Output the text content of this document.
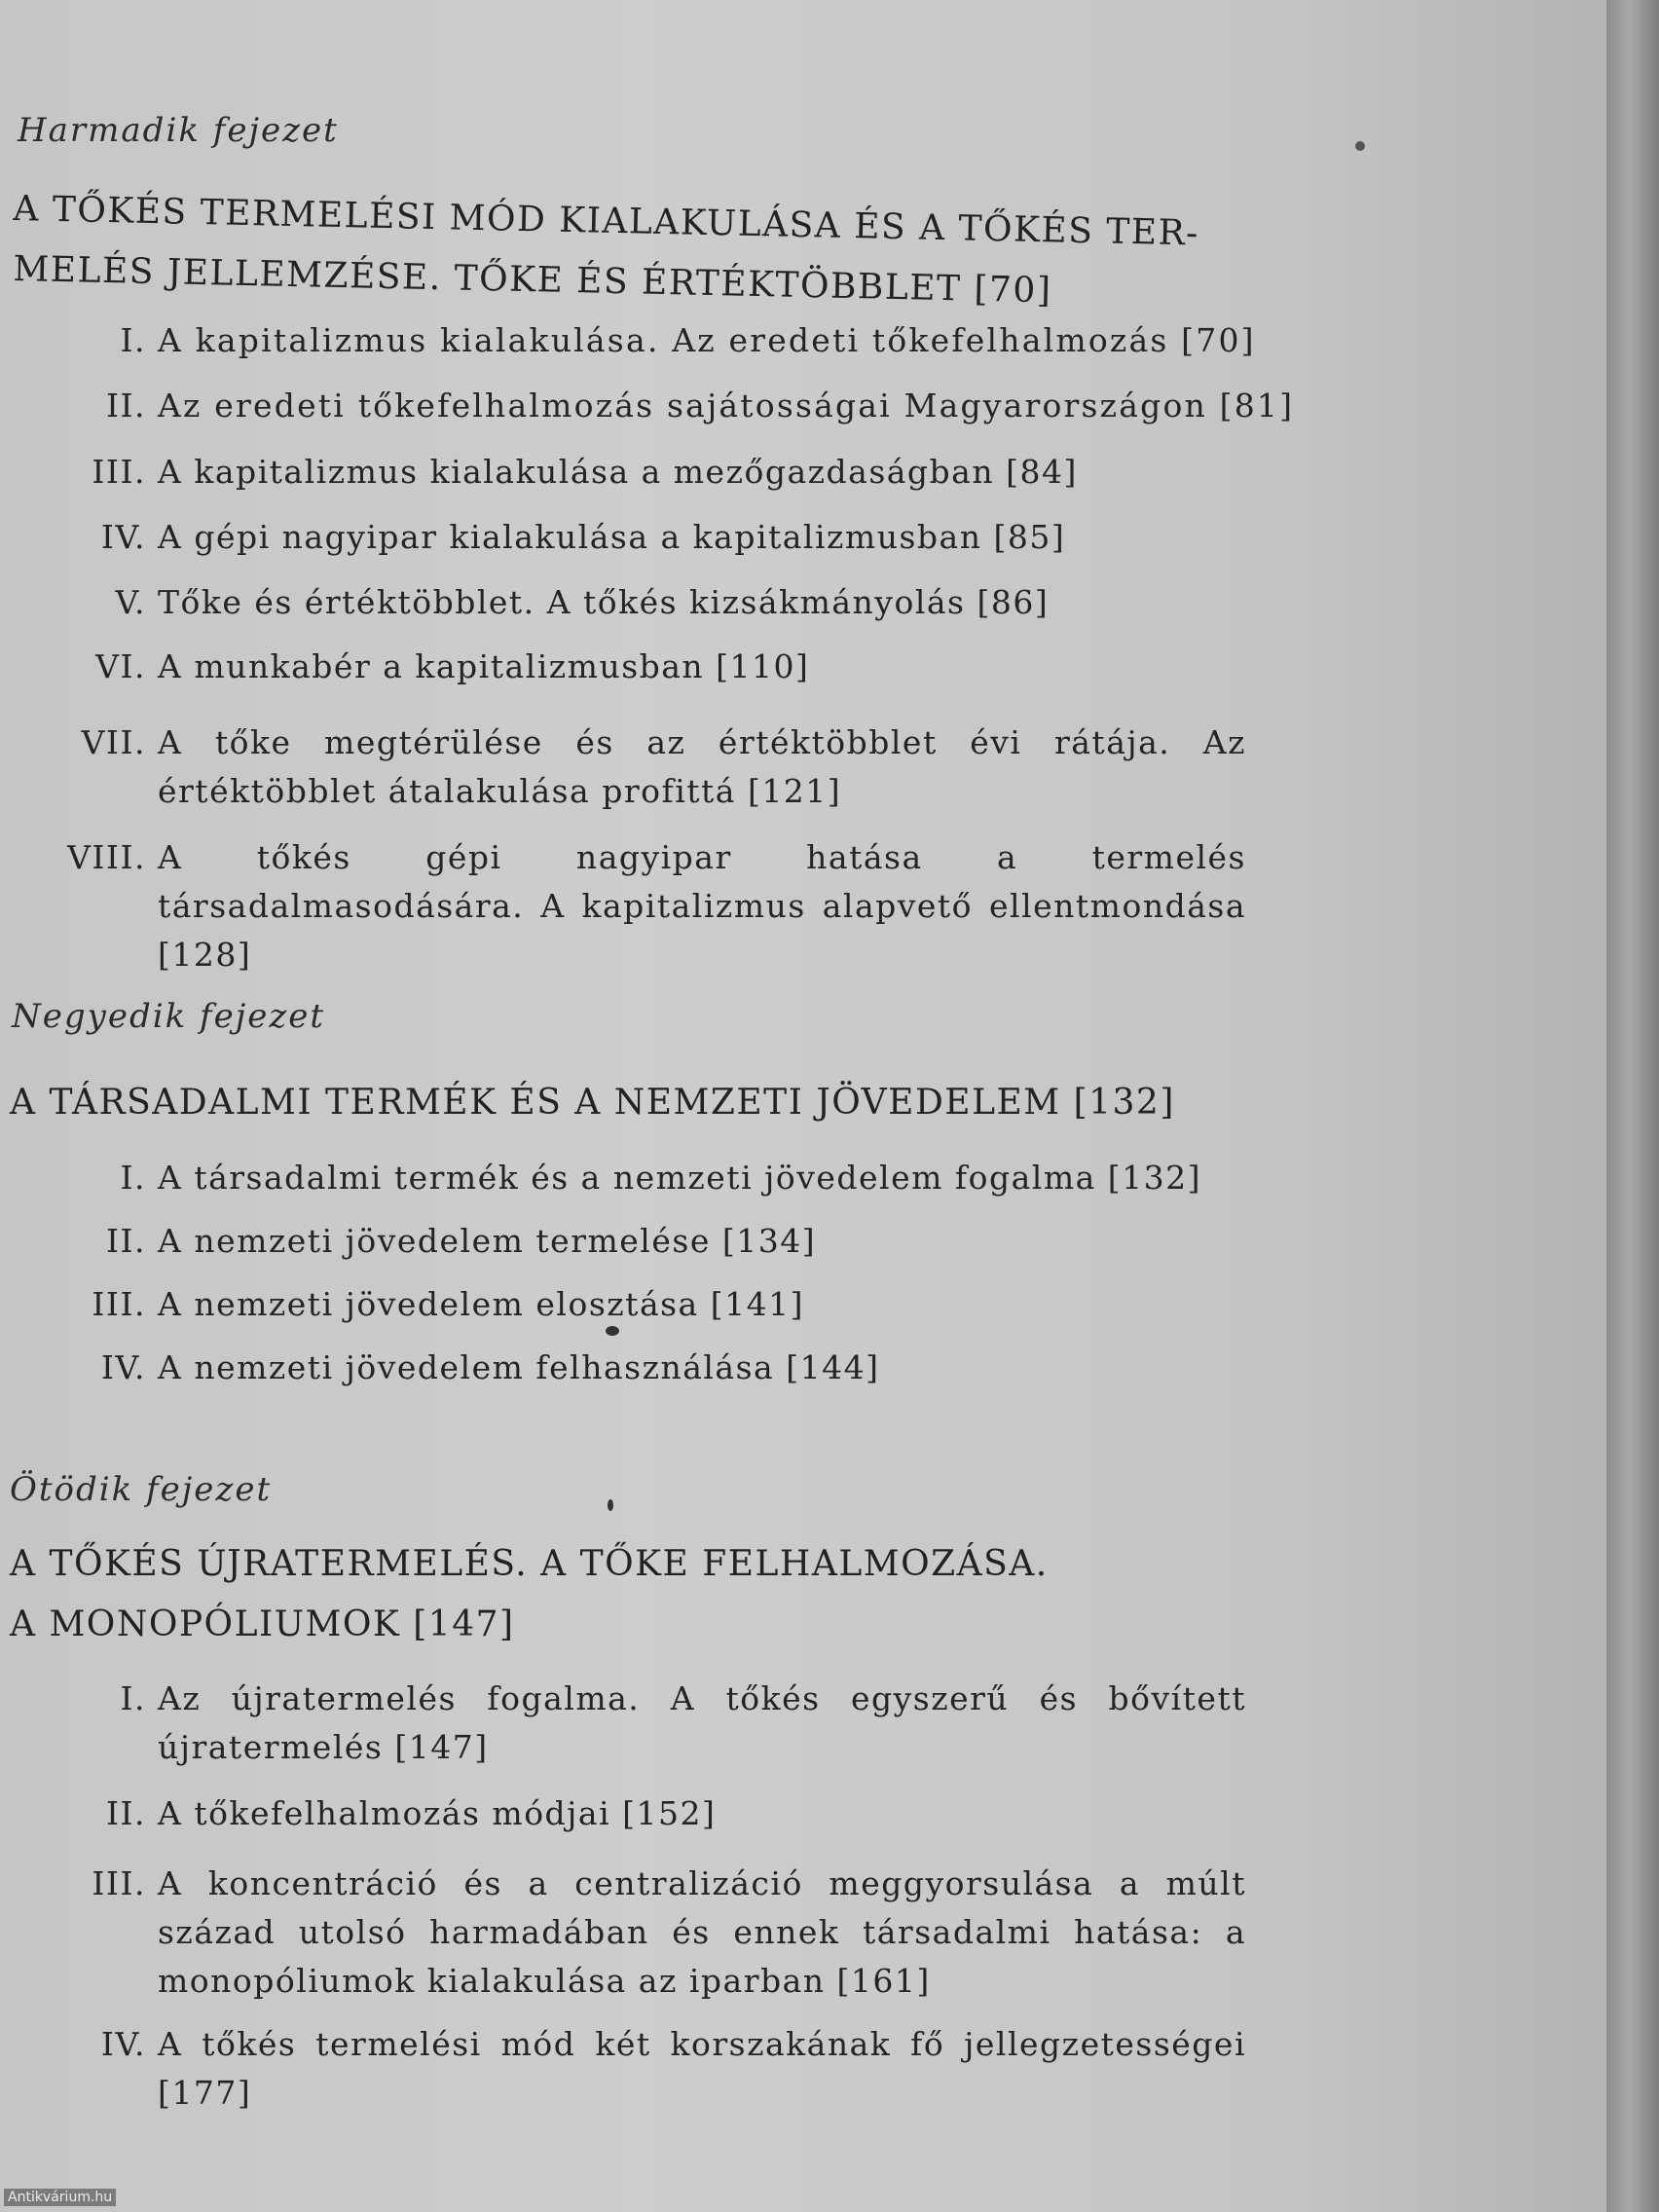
Harmadik fejezet
A TŐKÉS TERMELÉSI MÓD KIALAKULÁSA ÉS A TŐKÉS TER-
MELÉS JELLEMZÉSE. TŐKE ÉS ÉRTÉKTÖBBLET [70]
I. A kapitalizmus kialakulása. Az eredeti tőkefelhalmozás [70]
II. Az eredeti tőkefelhalmozás sajátosságai Magyarországon [81]
III. A kapitalizmus kialakulása a mezőgazdaságban [84]
IV. A gépi nagyipar kialakulása a kapitalizmusban [85]
V. Tőke és értéktöbblet. A tőkés kizsákmányolás [86]
VI. A munkabér a kapitalizmusban [110]
VII. A tőke megtérülése és az értéktöbblet évi rátája. Az értéktöbblet átalakulása profittá [121]
VIII. A tőkés gépi nagyipar hatása a termelés társadalmasodására. A kapitalizmus alapvető ellentmondása [128]
Negyedik fejezet
A TÁRSADALMI TERMÉK ÉS A NEMZETI JÖVEDELEM [132]
I. A társadalmi termék és a nemzeti jövedelem fogalma [132]
II. A nemzeti jövedelem termelése [134]
III. A nemzeti jövedelem elosztása [141]
IV. A nemzeti jövedelem felhasználása [144]
Ötödik fejezet
A TŐKÉS ÚJRATERMELÉS. A TŐKE FELHALMOZÁSA.
A MONOPÓLIUMOK [147]
I. Az újratermelés fogalma. A tőkés egyszerű és bővített újratermelés [147]
II. A tőkefelhalmozás módjai [152]
III. A koncentráció és a centralizáció meggyorsulása a múlt század utolsó harmadában és ennek társadalmi hatása: a monopóliumok kialakulása az iparban [161]
IV. A tőkés termelési mód két korszakának fő jellegzetességei [177]
Antikvárium.hu
